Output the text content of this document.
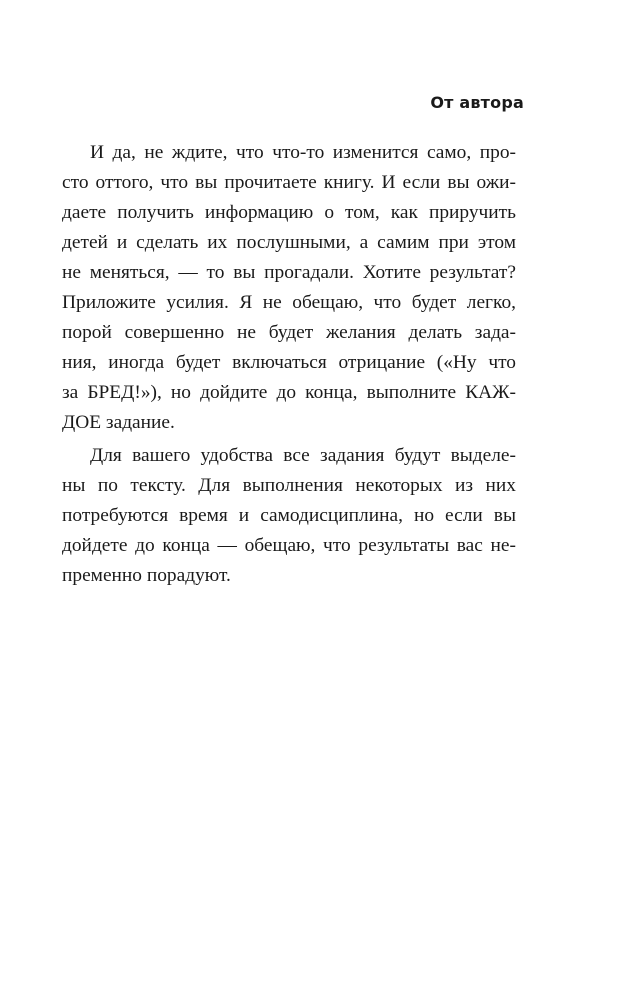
От автора

И да, не ждите, что что-то изменится само, про-
сто оттого, что вы прочитаете книгу. И если вы ожи-
даете получить информацию о том, как приручить
детей и сделать их послушными, а самим при этом
не меняться, — то вы прогадали. Хотите результат?
Приложите усилия. Я не обещаю, что будет легко,
порой совершенно не будет желания делать зада-
ния, иногда будет включаться отрицание («Ну что
за БРЕД!»), но дойдите до конца, выполните КАЖ-
ДОЕ задание.

Для вашего удобства все задания будут выделе-
ны по тексту. Для выполнения некоторых из них
потребуются время и самодисциплина, но если вы
дойдете до конца — обещаю, что результаты вас не-
пременно порадуют.
